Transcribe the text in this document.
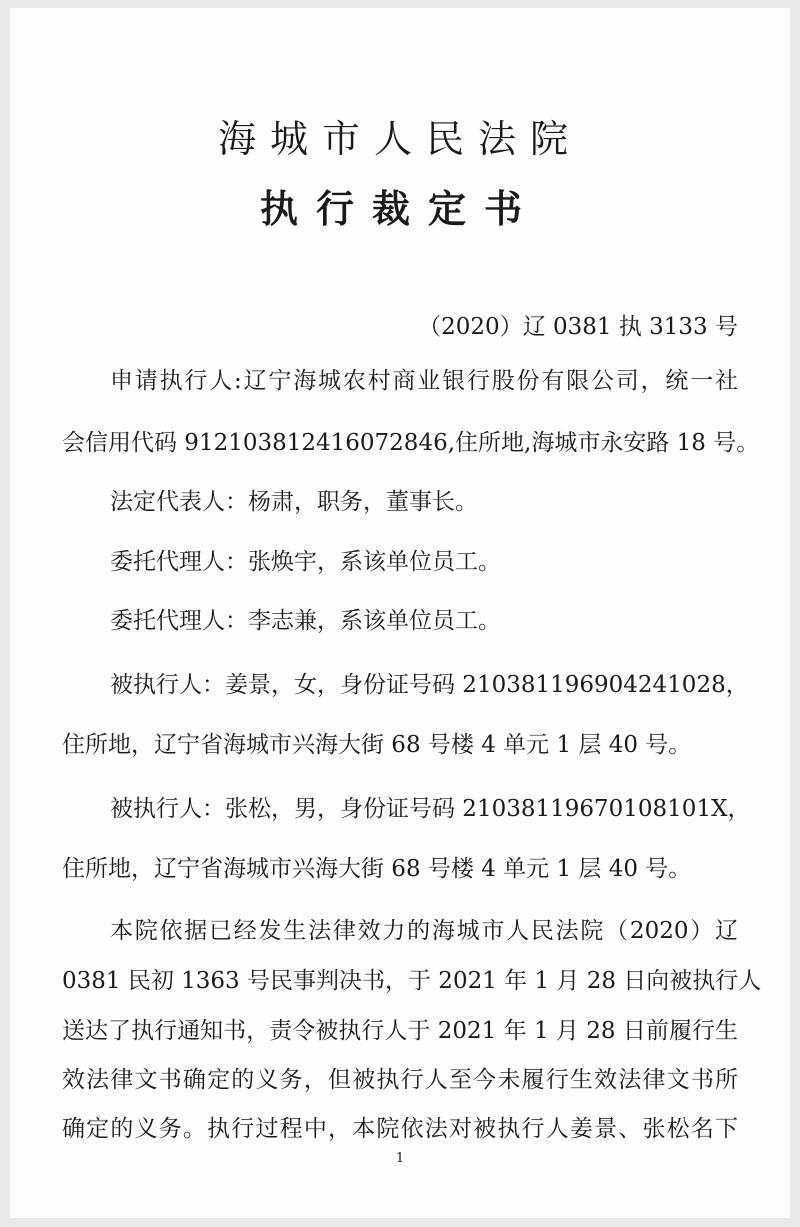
海城市人民法院
执行裁定书
（2020）辽 0381 执 3133 号
申请执行人:辽宁海城农村商业银行股份有限公司，统一社
会信用代码 912103812416072846,住所地,海城市永安路 18 号。
法定代表人：杨肃，职务，董事长。
委托代理人：张焕宇，系该单位员工。
委托代理人：李志兼，系该单位员工。
被执行人：姜景，女，身份证号码 210381196904241028，
住所地，辽宁省海城市兴海大街 68 号楼 4 单元 1 层 40 号。
被执行人：张松，男，身份证号码 21038119670108101X，
住所地，辽宁省海城市兴海大街 68 号楼 4 单元 1 层 40 号。
本院依据已经发生法律效力的海城市人民法院（2020）辽
0381 民初 1363 号民事判决书，于 2021 年 1 月 28 日向被执行人
送达了执行通知书，责令被执行人于 2021 年 1 月 28 日前履行生
效法律文书确定的义务，但被执行人至今未履行生效法律文书所
确定的义务。执行过程中，本院依法对被执行人姜景、张松名下
1
